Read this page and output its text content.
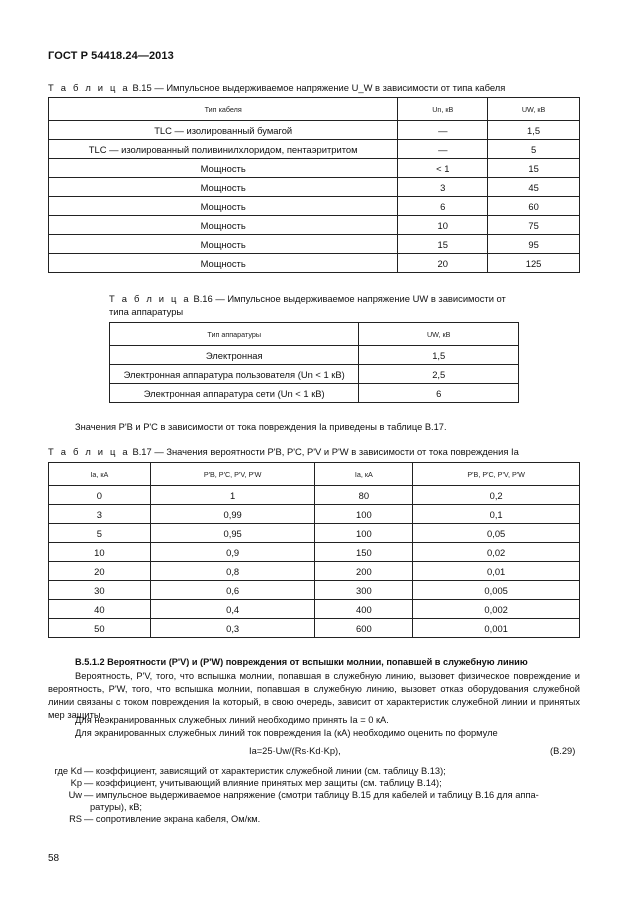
ГОСТ Р 54418.24—2013
Т а б л и ц а В.15 — Импульсное выдерживаемое напряжение U_W в зависимости от типа кабеля
Тип кабеля	Un, кВ	UW, кВ
TLC — изолированный бумагой	—	1,5
TLC — изолированный поливинилхлоридом, пентаэритритом	—	5
Мощность	< 1	15
Мощность	3	45
Мощность	6	60
Мощность	10	75
Мощность	15	95
Мощность	20	125
Т а б л и ц а В.16 — Импульсное выдерживаемое напряжение UW в зависимости от
типа аппаратуры
Тип аппаратуры	UW, кВ
Электронная	1,5
Электронная аппаратура пользователя (Un < 1 кВ)	2,5
Электронная аппаратура сети (Un < 1 кВ)	6
Значения P'B и P'C в зависимости от тока повреждения Ia приведены в таблице В.17.
Т а б л и ц а В.17 — Значения вероятности P'B, P'C, P'V и P'W в зависимости от тока повреждения Ia
Ia, кА	P'B, P'C, P'V, P'W	Ia, кА	P'B, P'C, P'V, P'W
0	1	80	0,2
3	0,99	100	0,1
5	0,95	100	0,05
10	0,9	150	0,02
20	0,8	200	0,01
30	0,6	300	0,005
40	0,4	400	0,002
50	0,3	600	0,001
В.5.1.2 Вероятности (P'V) и (P'W) повреждения от вспышки молнии, попавшей в служебную линию
Вероятность, P'V, того, что вспышка молнии, попавшая в служебную линию, вызовет физическое повреждение и вероятность, P'W, того, что вспышка молнии, попавшая в служебную линию, вызовет отказ оборудования служебной линии связаны с током повреждения Ia который, в свою очередь, зависит от характеристик служебной линии и принятых мер защиты.
Для неэкранированных служебных линий необходимо принять Ia = 0 кА.
Для экранированных служебных линий ток повреждения Ia (кА) необходимо оценить по формуле
Ia=25·Uw/(Rs·Kd·Kp),	(В.29)
где Kd — коэффициент, зависящий от характеристик служебной линии (см. таблицу В.13);
Kp — коэффициент, учитывающий влияние принятых мер защиты (см. таблицу В.14);
Uw — импульсное выдерживаемое напряжение (смотри таблицу В.15 для кабелей и таблицу В.16 для аппа-
ратуры), кВ;
RS — сопротивление экрана кабеля, Ом/км.
58
